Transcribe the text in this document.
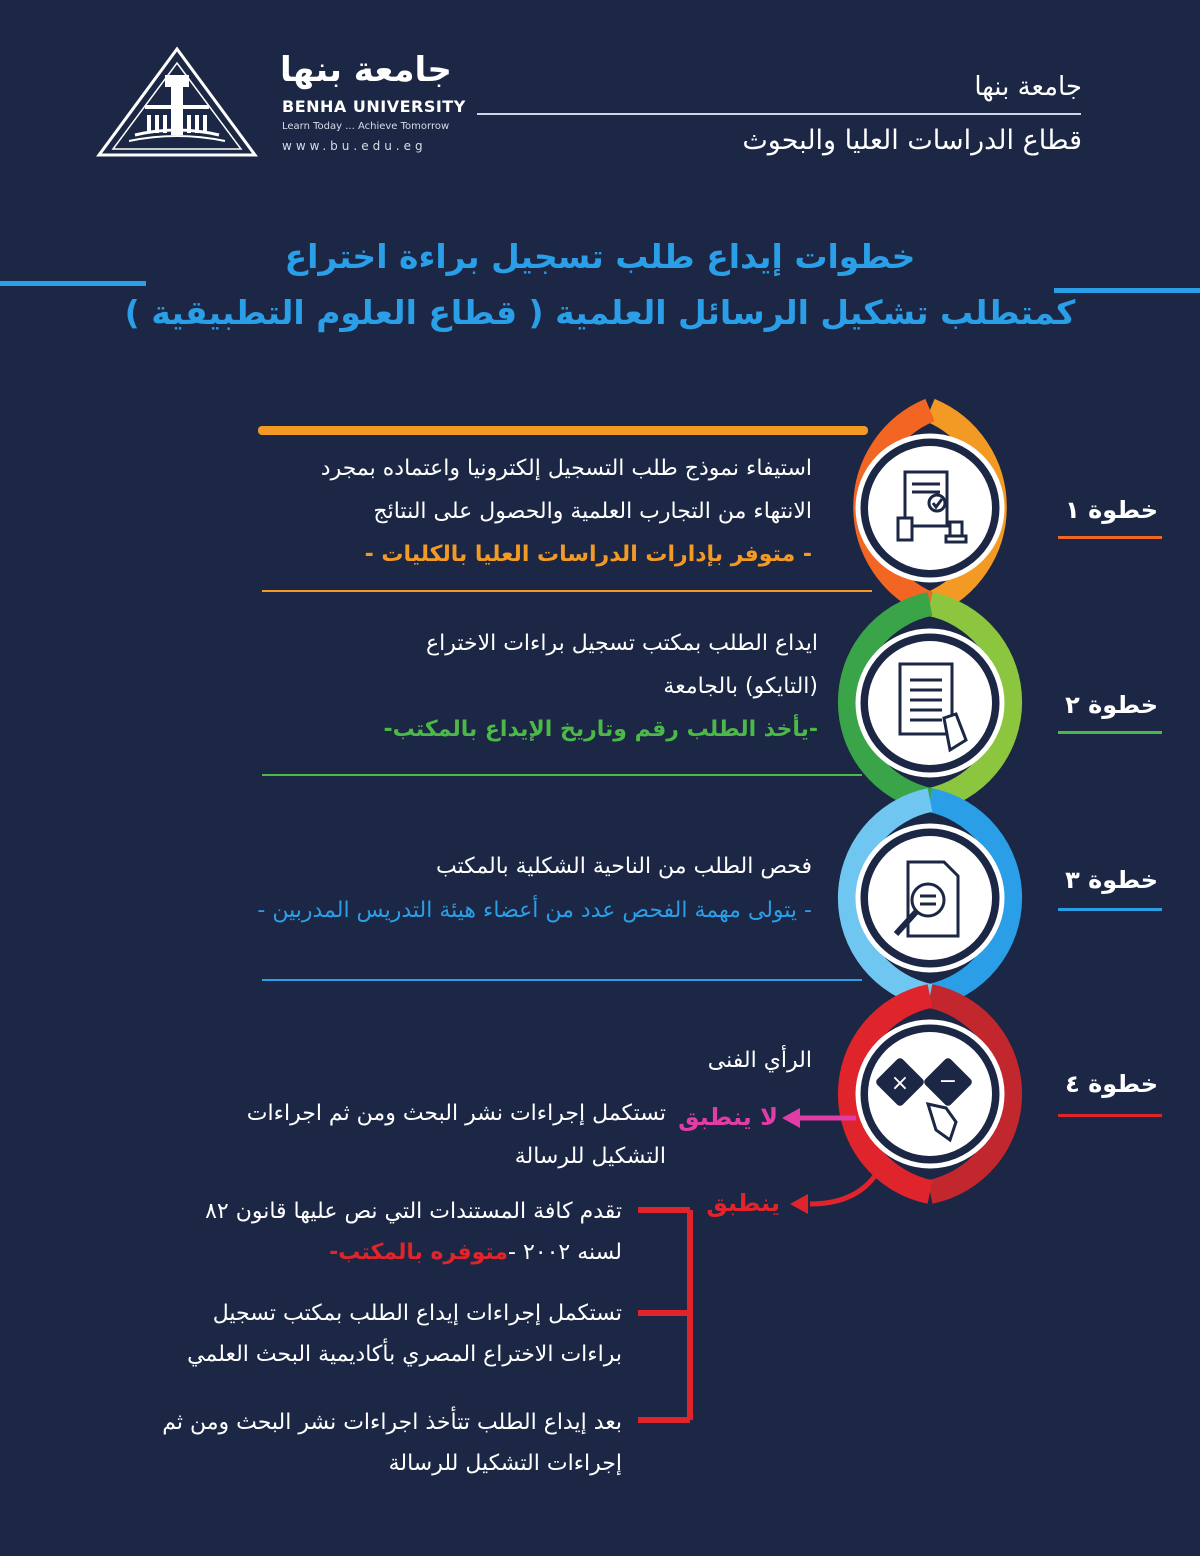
جامعة بنها
BENHA UNIVERSITY
Learn Today ... Achieve Tomorrow
www.bu.edu.eg
جامعة بنها
قطاع الدراسات العليا والبحوث
خطوات إيداع طلب تسجيل براءة اختراع
كمتطلب تشكيل الرسائل العلمية ( قطاع العلوم التطبيقية )
× −
خطوة ١
خطوة ٢
خطوة ٣
خطوة ٤
استيفاء نموذج طلب التسجيل إلكترونيا واعتماده بمجرد
الانتهاء من التجارب العلمية والحصول على النتائج
- متوفر بإدارات الدراسات العليا بالكليات -
ايداع الطلب بمكتب تسجيل براءات الاختراع
(التايكو) بالجامعة
-يأخذ الطلب رقم وتاريخ الإيداع بالمكتب-
فحص الطلب من الناحية الشكلية بالمكتب
- يتولى مهمة الفحص عدد من أعضاء هيئة التدريس المدربين -
الرأي الفنى
لا ينطبق
تستكمل إجراءات نشر البحث ومن ثم اجراءات
التشكيل للرسالة
ينطبق
تقدم كافة المستندات التي نص عليها قانون ٨٢
لسنه ٢٠٠٢ -متوفره بالمكتب-
تستكمل إجراءات إيداع الطلب بمكتب تسجيل
براءات الاختراع المصري بأكاديمية البحث العلمي
بعد إيداع الطلب تتأخذ اجراءات نشر البحث ومن ثم
إجراءات التشكيل للرسالة
